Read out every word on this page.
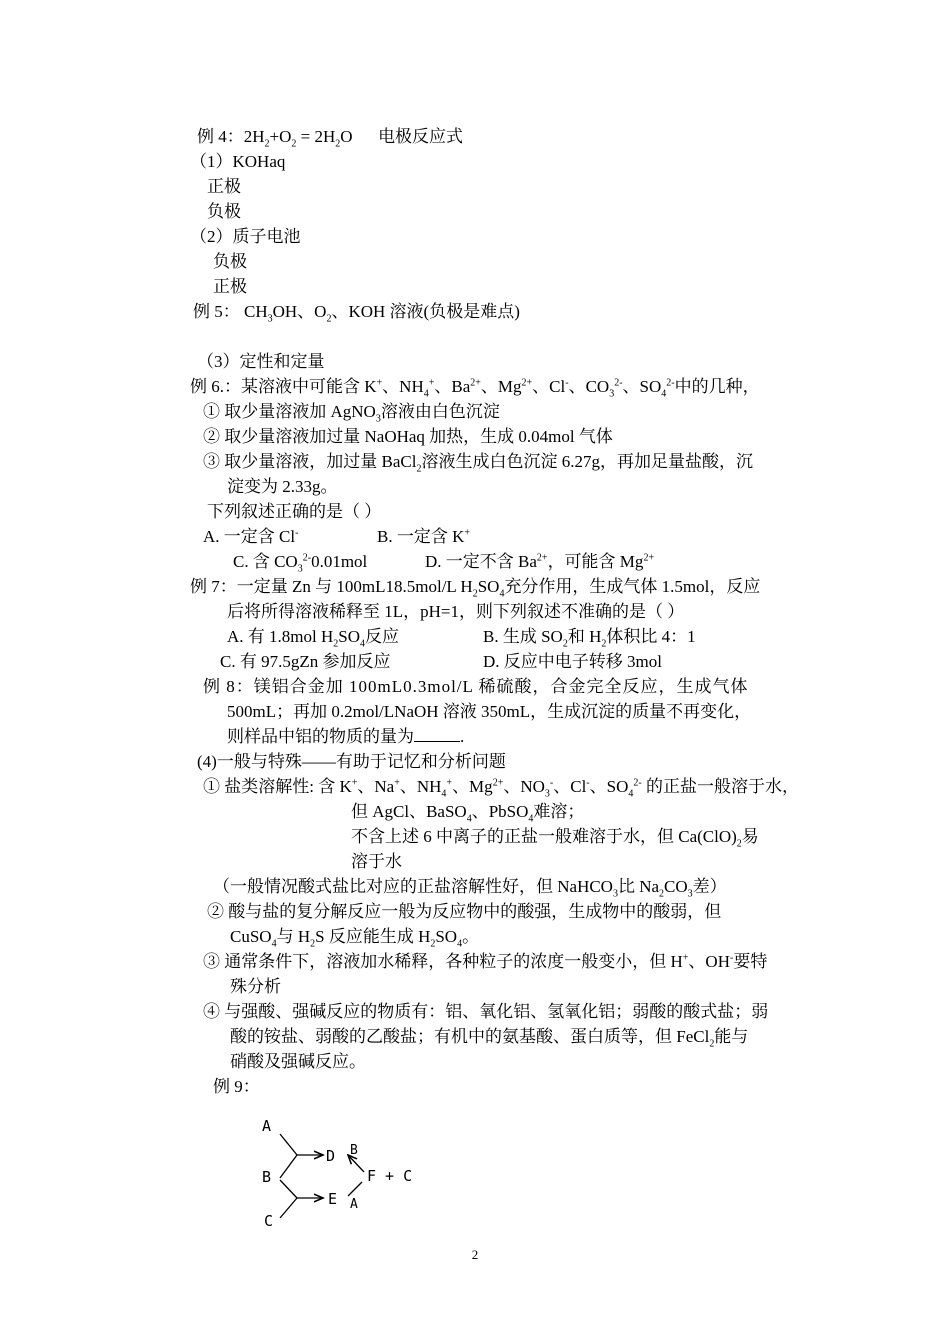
例 4：$2H_2+O_2 = 2H_2O$ 电极反应式
（1）KOHaq
正极
负极
（2）质子电池
负极
正极
例 5： $CH_3OH$、$O_2$、KOH 溶液(负极是难点)
（3）定性和定量
例 6.：某溶液中可能含 K+、$NH_4^+$、$Ba^{2+}$、$Mg^{2+}$、Cl-、$CO_3^{2-}$、$SO_4^{2-}$中的几种，
① 取少量溶液加 AgNO$_3$溶液由白色沉淀
② 取少量溶液加过量 NaOHaq 加热，生成 0.04mol 气体
③ 取少量溶液，加过量 BaCl$_2$溶液生成白色沉淀 6.27g，再加足量盐酸，沉
淀变为 2.33g。
下列叙述正确的是（ ）
A. 一定含 Cl-	B. 一定含 K+
C. 含 $CO_3^{2-}0.01mol$	D. 一定不含 $Ba^{2+}$，可能含 $Mg^{2+}$
例 7：一定量 Zn 与 100mL18.5mol/L $H_2SO_4$充分作用，生成气体 1.5mol，反应
后将所得溶液稀释至 1L，pH=1，则下列叙述不准确的是（ ）
A. 有 1.8mol $H_2SO_4$反应	B. 生成 $SO_2$和 $H_2$体积比 4：1
C. 有 97.5gZn 参加反应	D. 反应中电子转移 3mol
例 8：镁铝合金加 100mL0.3mol/L 稀硫酸，合金完全反应，生成气体
500mL；再加 0.2mol/LNaOH 溶液 350mL，生成沉淀的质量不再变化，
则样品中铝的物质的量为	.
(4)一般与特殊——有助于记忆和分析问题
① 盐类溶解性: 含 K+、Na+、$NH_4^+$、$Mg^{2+}$、$NO_3^-$、Cl-、$SO_4^{2-}$ 的正盐一般溶于水，
但 AgCl、BaSO$_4$、PbSO$_4$难溶；
不含上述 6 中离子的正盐一般难溶于水，但 $Ca(ClO)_2$易
溶于水
（一般情况酸式盐比对应的正盐溶解性好，但 NaHCO$_3$比 $Na_2CO_3$差）
② 酸与盐的复分解反应一般为反应物中的酸强，生成物中的酸弱，但
CuSO$_4$与 $H_2S$ 反应能生成 $H_2SO_4$。
③ 通常条件下，溶液加水稀释，各种粒子的浓度一般变小，但 H+、OH-要特
殊分析
④ 与强酸、强碱反应的物质有：铝、氧化铝、氢氧化铝；弱酸的酸式盐；弱
酸的铵盐、弱酸的乙酸盐；有机中的氨基酸、蛋白质等，但 FeCl$_2$能与
硝酸及强碱反应。
例 9：
A
B
C
D
E
B
A
F + C
2
